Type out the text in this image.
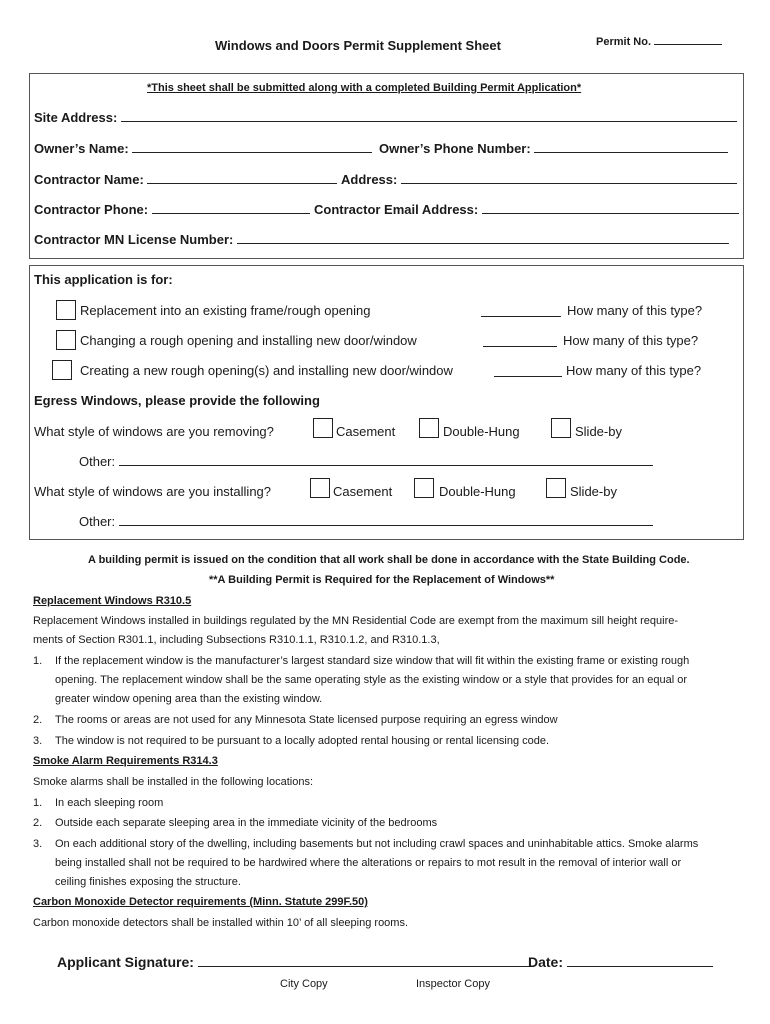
Windows and Doors Permit Supplement Sheet	Permit No.
*This sheet shall be submitted along with a completed Building Permit Application*
Site Address:
Owner’s Name:	Owner’s Phone Number:
Contractor Name:	Address:
Contractor Phone:	Contractor Email Address:
Contractor MN License Number:
This application is for:
Replacement into an existing frame/rough opening	How many of this type?
Changing a rough opening and installing new door/window	How many of this type?
Creating a new rough opening(s) and installing new door/window	How many of this type?
Egress Windows, please provide the following
What style of windows are you removing?	Casement	Double-Hung	Slide-by
Other:
What style of windows are you installing?	Casement	Double-Hung	Slide-by
Other:
A building permit is issued on the condition that all work shall be done in accordance with the State Building Code.
**A Building Permit is Required for the Replacement of Windows**
Replacement Windows R310.5
Replacement Windows installed in buildings regulated by the MN Residential Code are exempt from the maximum sill height require-
ments of Section R301.1, including Subsections R310.1.1, R310.1.2, and R310.1.3,
1. If the replacement window is the manufacturer’s largest standard size window that will fit within the existing frame or existing rough
opening. The replacement window shall be the same operating style as the existing window or a style that provides for an equal or
greater window opening area than the existing window.
2. The rooms or areas are not used for any Minnesota State licensed purpose requiring an egress window
3. The window is not required to be pursuant to a locally adopted rental housing or rental licensing code.
Smoke Alarm Requirements R314.3
Smoke alarms shall be installed in the following locations:
1. In each sleeping room
2. Outside each separate sleeping area in the immediate vicinity of the bedrooms
3. On each additional story of the dwelling, including basements but not including crawl spaces and uninhabitable attics. Smoke alarms
being installed shall not be required to be hardwired where the alterations or repairs to mot result in the removal of interior wall or
ceiling finishes exposing the structure.
Carbon Monoxide Detector requirements (Minn. Statute 299F.50)
Carbon monoxide detectors shall be installed within 10’ of all sleeping rooms.
Applicant Signature:	Date:
City Copy	Inspector Copy
